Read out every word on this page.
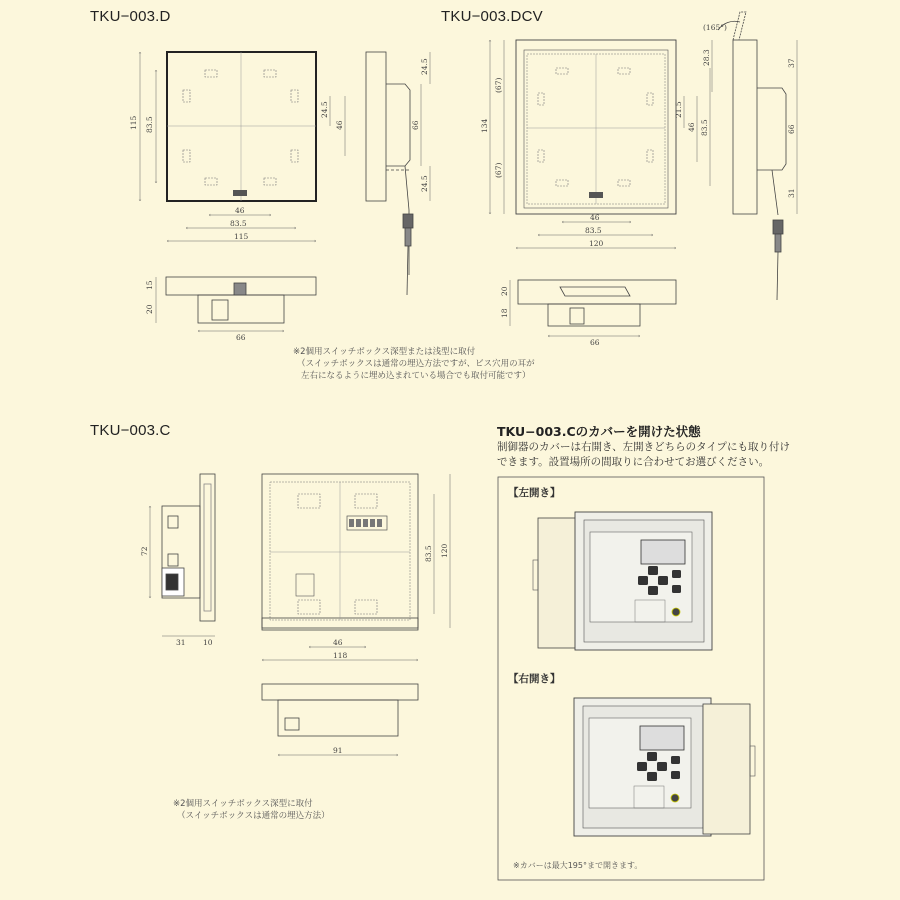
TKU−003.D	TKU−003.DCV
TKU−003.C
※2個用スイッチボックス深型または浅型に取付
（スイッチボックスは通常の埋込方法ですが、ビス穴用の耳が
左右になるように埋め込まれている場合でも取付可能です）
※2個用スイッチボックス深型に取付
（スイッチボックスは通常の埋込方法）
TKU−003.Cのカバーを開けた状態
制御器のカバーは右開き、左開きどちらのタイプにも取り付け
できます。設置場所の間取りに合わせてお選びください。
【左開き】
【右開き】
※カバーは最大195°まで開きます。
115 83.5
24.5
24.5
46	66
24.5
46
83.5
115
15
20
66
134
(67)
(67)
28.3
21.5
46 83.5
(165°)
37
66
31
46
83.5
120
20
18
66
72
31 10
83.5 120
46
118
91
